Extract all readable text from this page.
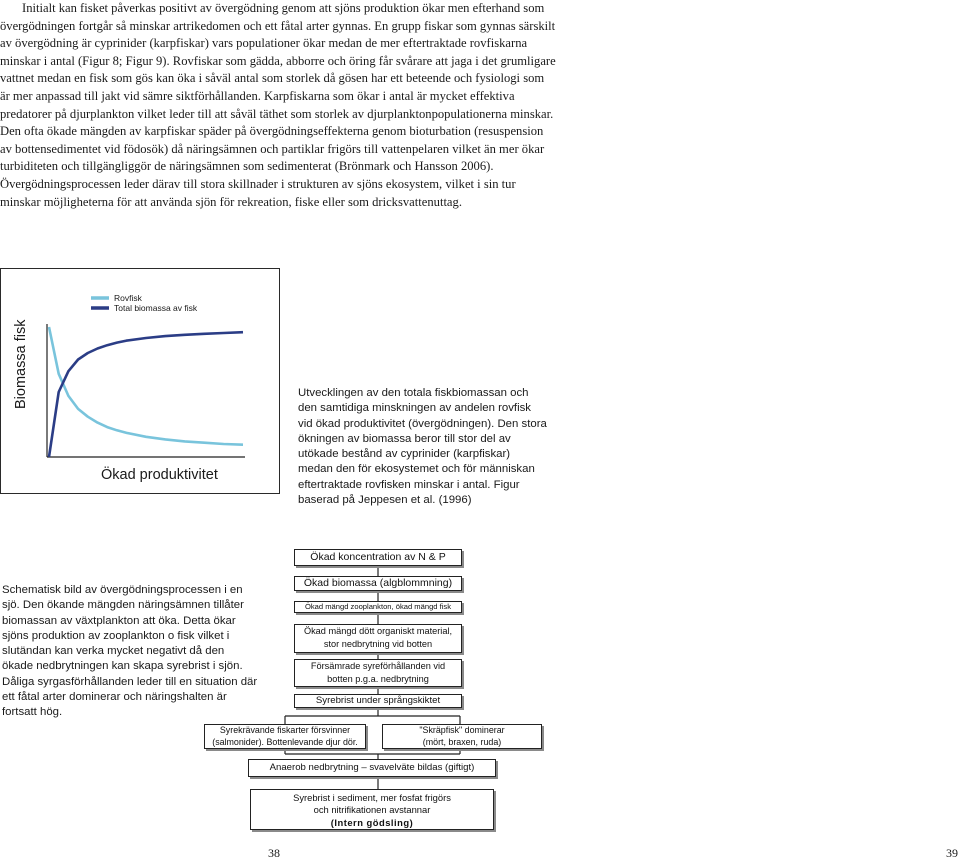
Initialt kan fisket påverkas positivt av övergödning genom att sjöns produktion ökar men efterhand som övergödningen fortgår så minskar artrikedomen och ett fåtal arter gynnas. En grupp fiskar som gynnas särskilt av övergödning är cyprinider (karpfiskar) vars populationer ökar medan de mer eftertraktade rovfiskarna minskar i antal (Figur 8; Figur 9). Rovfiskar som gädda, abborre och öring får svårare att jaga i det grumligare vattnet medan en fisk som gös kan öka i såväl antal som storlek då gösen har ett beteende och fysiologi som är mer anpassad till jakt vid sämre siktförhållanden. Karpfiskarna som ökar i antal är mycket effektiva predatorer på djurplankton vilket leder till att såväl täthet som storlek av djurplanktonpopulationerna minskar. Den ofta ökade mängden av karpfiskar späder på övergödningseffekterna genom bioturbation (resuspension av bottensedimentet vid födosök) då näringsämnen och partiklar frigörs till vattenpelaren vilket än mer ökar turbiditeten och tillgängliggör de näringsämnen som sedimenterat (Brönmark och Hansson 2006). Övergödningsprocessen leder därav till stora skillnader i strukturen av sjöns ekosystem, vilket i sin tur minskar möjligheterna för att använda sjön för rekreation, fiske eller som dricksvattenuttag.

Biomassa fisk
Ökad produktivitet
Rovfisk
Total biomassa av fisk
Utvecklingen av den totala fiskbiomassan och den samtidiga minskningen av andelen rovfisk vid ökad produktivitet (övergödningen). Den stora ökningen av biomassa beror till stor del av utökade bestånd av cyprinider (karpfiskar) medan den för ekosystemet och för människan eftertraktade rovfisken minskar i antal. Figur baserad på Jeppesen et al. (1996)
Schematisk bild av övergödningsprocessen i en sjö. Den ökande mängden näringsämnen tillåter biomassan av växtplankton att öka. Detta ökar sjöns produktion av zooplankton o fisk vilket i slutändan kan verka mycket negativt då den ökade nedbrytningen kan skapa syrebrist i sjön. Dåliga syrgasförhållanden leder till en situation där ett fåtal arter dominerar och näringshalten är fortsatt hög.
Ökad koncentration av N & P
Ökad biomassa (algblommning)
Ökad mängd zooplankton, ökad mängd fisk
Ökad mängd dött organiskt material,
stor nedbrytning vid botten
Försämrade syreförhållanden vid
botten p.g.a. nedbrytning
Syrebrist under språngskiktet
Syrekrävande fiskarter försvinner
(salmonider). Bottenlevande djur dör.
"Skräpfisk" dominerar
(mört, braxen, ruda)
Anaerob nedbrytning – svavelväte bildas (giftigt)
Syrebrist i sediment, mer fosfat frigörs
och nitrifikationen avstannar
(Intern gödsling)
38	39
